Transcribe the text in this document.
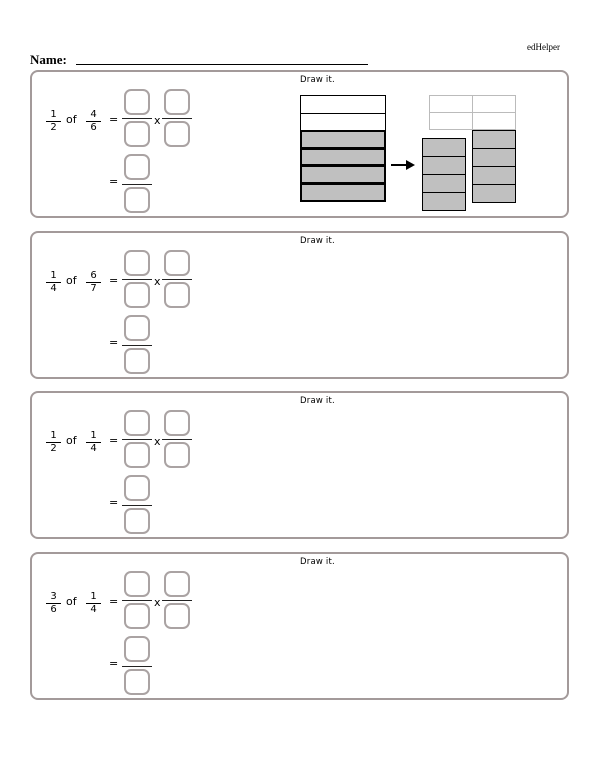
edHelper
Name:
1
2
of 4
6
=	x
=
Draw it.
1
4
of 6
7
=	x
=
Draw it.
1
2
of 1
4
=	x
=
Draw it.
3
6
of 1
4
=	x
=
Draw it.
